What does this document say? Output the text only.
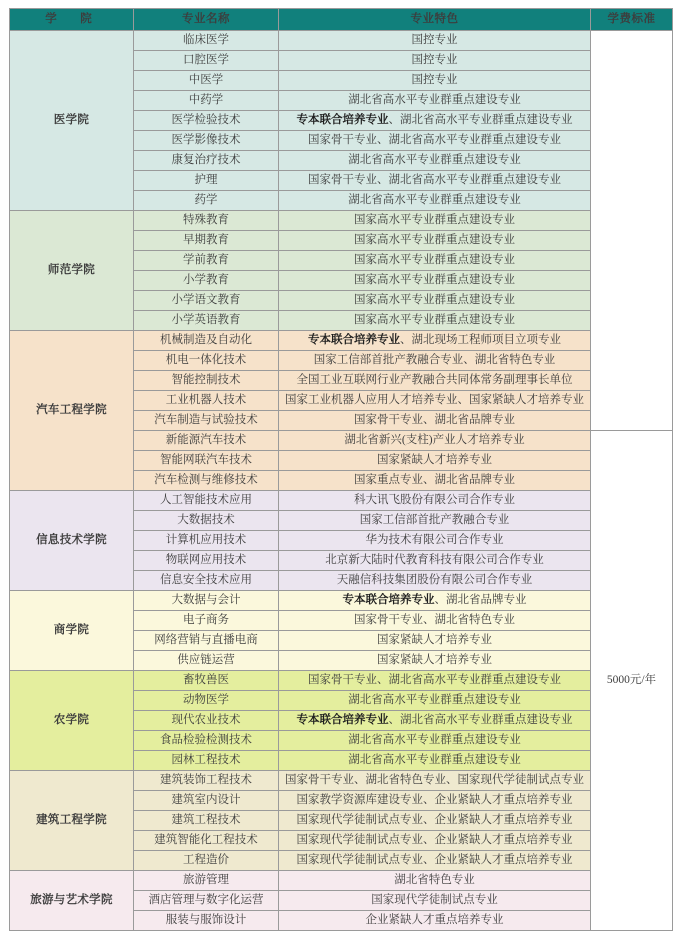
学　院	专业名称	专业特色	学费标准
医学院	临床医学	国控专业	
	口腔医学	国控专业	
	中医学	国控专业	
	中药学	湖北省高水平专业群重点建设专业	
	医学检验技术	专本联合培养专业、湖北省高水平专业群重点建设专业	
	医学影像技术	国家骨干专业、湖北省高水平专业群重点建设专业	
	康复治疗技术	湖北省高水平专业群重点建设专业	
	护理	国家骨干专业、湖北省高水平专业群重点建设专业	
	药学	湖北省高水平专业群重点建设专业	
师范学院	特殊教育	国家高水平专业群重点建设专业	
	早期教育	国家高水平专业群重点建设专业	
	学前教育	国家高水平专业群重点建设专业	
	小学教育	国家高水平专业群重点建设专业	
	小学语文教育	国家高水平专业群重点建设专业	
	小学英语教育	国家高水平专业群重点建设专业	
汽车工程学院	机械制造及自动化	专本联合培养专业、湖北现场工程师项目立项专业	
	机电一体化技术	国家工信部首批产教融合专业、湖北省特色专业	
	智能控制技术	全国工业互联网行业产教融合共同体常务副理事长单位	
	工业机器人技术	国家工业机器人应用人才培养专业、国家紧缺人才培养专业	
	汽车制造与试验技术	国家骨干专业、湖北省品牌专业	
	新能源汽车技术	湖北省新兴(支柱)产业人才培养专业	5000元/年
	智能网联汽车技术	国家紧缺人才培养专业	
	汽车检测与维修技术	国家重点专业、湖北省品牌专业	
信息技术学院	人工智能技术应用	科大讯飞股份有限公司合作专业	
	大数据技术	国家工信部首批产教融合专业	
	计算机应用技术	华为技术有限公司合作专业	
	物联网应用技术	北京新大陆时代教育科技有限公司合作专业	
	信息安全技术应用	天融信科技集团股份有限公司合作专业	
商学院	大数据与会计	专本联合培养专业、湖北省品牌专业	
	电子商务	国家骨干专业、湖北省特色专业	
	网络营销与直播电商	国家紧缺人才培养专业	
	供应链运营	国家紧缺人才培养专业	
农学院	畜牧兽医	国家骨干专业、湖北省高水平专业群重点建设专业	
	动物医学	湖北省高水平专业群重点建设专业	
	现代农业技术	专本联合培养专业、湖北省高水平专业群重点建设专业	
	食品检验检测技术	湖北省高水平专业群重点建设专业	
	园林工程技术	湖北省高水平专业群重点建设专业	
建筑工程学院	建筑装饰工程技术	国家骨干专业、湖北省特色专业、国家现代学徒制试点专业	
	建筑室内设计	国家教学资源库建设专业、企业紧缺人才重点培养专业	
	建筑工程技术	国家现代学徒制试点专业、企业紧缺人才重点培养专业	
	建筑智能化工程技术	国家现代学徒制试点专业、企业紧缺人才重点培养专业	
	工程造价	国家现代学徒制试点专业、企业紧缺人才重点培养专业	
旅游与艺术学院	旅游管理	湖北省特色专业	
	酒店管理与数字化运营	国家现代学徒制试点专业	
	服装与服饰设计	企业紧缺人才重点培养专业	
